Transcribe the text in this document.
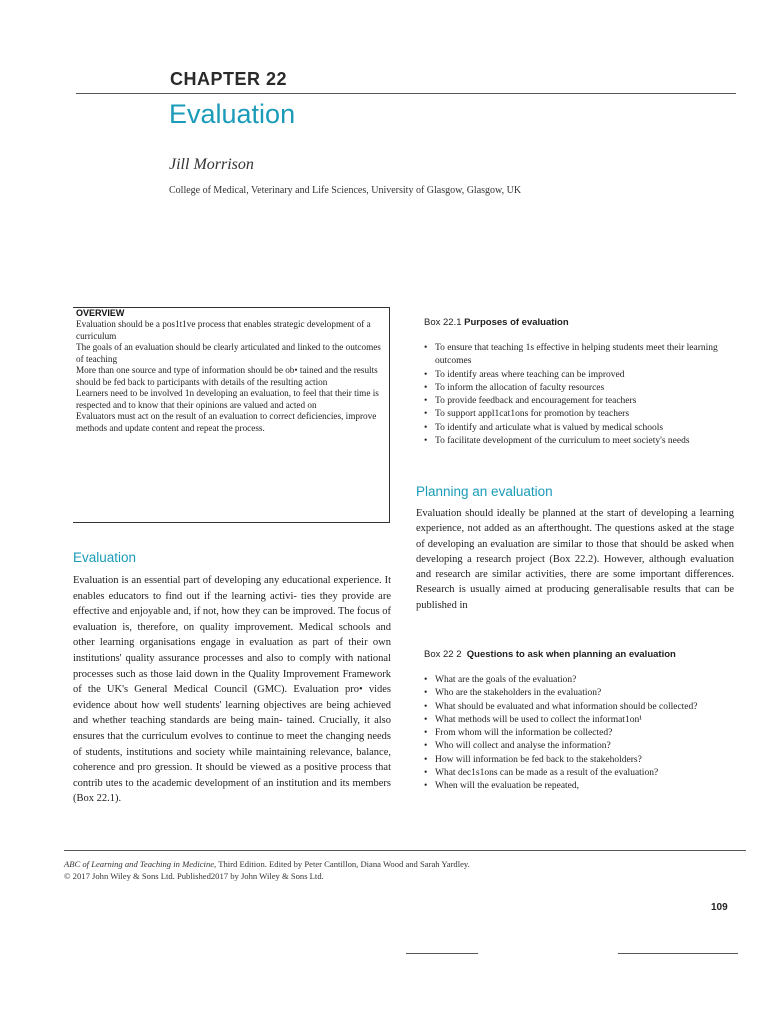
CHAPTER 22
Evaluation
Jill Morrison
College of Medical, Veterinary and Life Sciences, University of Glasgow, Glasgow, UK
OVERVIEW

Evaluation should be a pos1t1ve process that enables strategic development of a curriculum

The goals of an evaluation should be clearly articulated and linked to the outcomes of teaching

More than one source and type of information should be ob• tained and the results should be fed back to participants with details of the resulting action

Learners need to be involved 1n developing an evaluation, to feel that their time is respected and to know that their opinions are valued and acted on

Evaluators must act on the result of an evaluation to correct deficiencies, improve methods and update content and repeat the process.

Box 22.1 Purposes of evaluation
• To ensure that teaching 1s effective in helping students meet their learning outcomes
• To identify areas where teaching can be improved
• To inform the allocation of faculty resources
• To provide feedback and encouragement for teachers
• To support appl1cat1ons for promotion by teachers
• To identify and articulate what is valued by medical schools
• To facilitate development of the curriculum to meet society's needs
Planning an evaluation

Evaluation should ideally be planned at the start of developing a learning experience, not added as an afterthought. The questions asked at the stage of developing an evaluation are similar to those that should be asked when developing a research project (Box 22.2). However, although evaluation and research are similar activities, there are some important differences. Research is usually aimed at producing generalisable results that can be published in

Evaluation

Evaluation is an essential part of developing any educational experience. It enables educators to find out if the learning activi- ties they provide are effective and enjoyable and, if not, how they can be improved. The focus of evaluation is, therefore, on quality improvement. Medical schools and other learning organisations engage in evaluation as part of their own institutions' quality assurance processes and also to comply with national processes such as those laid down in the Quality Improvement Framework of the UK's General Medical Council (GMC). Evaluation pro• vides evidence about how well students' learning objectives are being achieved and whether teaching standards are being main- tained. Crucially, it also ensures that the curriculum evolves to continue to meet the changing needs of students, institutions and society while maintaining relevance, balance, coherence and pro gression. It should be viewed as a positive process that contrib utes to the academic development of an institution and its members (Box 22.1).

Box 22 2 Questions to ask when planning an evaluation
• What are the goals of the evaluation?
• Who are the stakeholders in the evaluation?
• What should be evaluated and what information should be collected?
• What methods will be used to collect the informat1on¹
• From whom will the information be collected?
• Who will collect and analyse the information?
• How will information be fed back to the stakeholders?
• What dec1s1ons can be made as a result of the evaluation?
• When will the evaluation be repeated,
ABC of Learning and Teaching in Medicine, Third Edition. Edited by Peter Cantillon, Diana Wood and Sarah Yardley.
© 2017 John Wiley & Sons Ltd. Published2017 by John Wiley & Sons Ltd.
109
